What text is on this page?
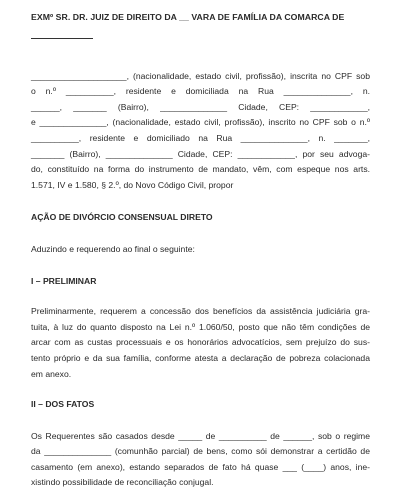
EXMº SR. DR. JUIZ DE DIREITO DA __ VARA DE FAMÍLIA DA COMARCA DE
____________________, (nacionalidade, estado civil, profissão), inscrita no CPF sob
o n.º __________, residente e domiciliada na Rua ______________, n.
______, _______ (Bairro), ______________ Cidade, CEP: ____________,
e ______________, (nacionalidade, estado civil, profissão), inscrito no CPF sob o n.º
__________, residente e domiciliado na Rua ______________, n. _______,
_______ (Bairro), ______________ Cidade, CEP: ____________, por seu advoga-
do, constituído na forma do instrumento de mandato, vêm, com espeque nos arts.
1.571, IV e 1.580, § 2.º, do Novo Código Civil, propor
AÇÃO DE DIVÓRCIO CONSENSUAL DIRETO
Aduzindo e requerendo ao final o seguinte:
I – PRELIMINAR
Preliminarmente, requerem a concessão dos benefícios da assistência judiciária gra-
tuita, à luz do quanto disposto na Lei n.º 1.060/50, posto que não têm condições de
arcar com as custas processuais e os honorários advocatícios, sem prejuízo do sus-
tento próprio e da sua família, conforme atesta a declaração de pobreza colacionada
em anexo.
II – DOS FATOS
Os Requerentes são casados desde _____ de __________ de ______, sob o regime
da ______________ (comunhão parcial) de bens, como sói demonstrar a certidão de
casamento (em anexo), estando separados de fato há quase ___ (____) anos, ine-
xistindo possibilidade de reconciliação conjugal.
